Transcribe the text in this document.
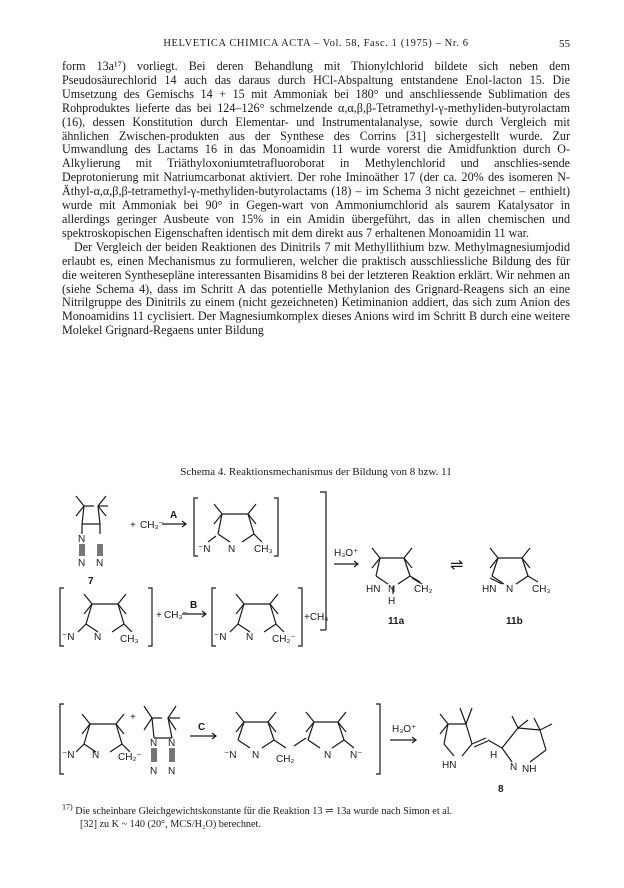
HELVETICA CHIMICA ACTA – Vol. 58, Fasc. 1 (1975) – Nr. 6	55

form 13a¹⁷) vorliegt. Bei deren Behandlung mit Thionylchlorid bildete sich neben dem Pseudosäurechlorid 14 auch das daraus durch HCl-Abspaltung entstandene Enol-lacton 15. Die Umsetzung des Gemischs 14 + 15 mit Ammoniak bei 180° und anschliessende Sublimation des Rohproduktes lieferte das bei 124–126° schmelzende α,α,β,β-Tetramethyl-γ-methyliden-butyrolactam (16), dessen Konstitution durch Elementar- und Instrumentalanalyse, sowie durch Vergleich mit ähnlichen Zwischen-produkten aus der Synthese des Corrins [31] sichergestellt wurde. Zur Umwandlung des Lactams 16 in das Monoamidin 11 wurde vorerst die Amidfunktion durch O-Alkylierung mit Triäthyloxoniumtetrafluoroborat in Methylenchlorid und anschlies-sende Deprotonierung mit Natriumcarbonat aktiviert. Der rohe Iminoäther 17 (der ca. 20% des isomeren N-Äthyl-α,α,β,β-tetramethyl-γ-methyliden-butyrolactams (18) – im Schema 3 nicht gezeichnet – enthielt) wurde mit Ammoniak bei 90° in Gegen-wart von Ammoniumchlorid als saurem Katalysator in allerdings geringer Ausbeute von 15% in ein Amidin übergeführt, das in allen chemischen und spektroskopischen Eigenschaften identisch mit dem direkt aus 7 erhaltenen Monoamidin 11 war.

Der Vergleich der beiden Reaktionen des Dinitrils 7 mit Methyllithium bzw. Methylmagnesiumjodid erlaubt es, einen Mechanismus zu formulieren, welcher die praktisch ausschliessliche Bildung des für die weiteren Synthesepläne interessanten Bisamidins 8 bei der letzteren Reaktion erklärt. Wir nehmen an (siehe Schema 4), dass im Schritt A das potentielle Methylanion des Grignard-Reagens sich an eine Nitrilgruppe des Dinitrils zu einem (nicht gezeichneten) Ketiminanion addiert, das sich zum Anion des Monoamidins 11 cyclisiert. Der Magnesiumkomplex dieses Anions wird im Schritt B durch eine weitere Molekel Grignard-Regaens unter Bildung

Schema 4. Reaktionsmechanismus der Bildung von 8 bzw. 11
N
N
N
7
+ CH₃⁻
A
⁻N N CH₃
⁻N N CH₃
+ CH₃⁻
B
⁻N N CH₂⁻
+CH₄
H₃O⁺
HN N
H
CH₂
11a
⇌
HN N CH₃
11b
⁻N N CH₂⁻
+
N N
N N
C
⁻N N CH₂	N N⁻
H₃O⁺
HN
H
N NH
8
$^{17)}$ Die scheinbare Gleichgewichtskonstante für die Reaktion 13 ⇌ 13a wurde nach Simon et al.
[32] zu K ~ 140 (20°, MCS/H₂O) berechnet.
